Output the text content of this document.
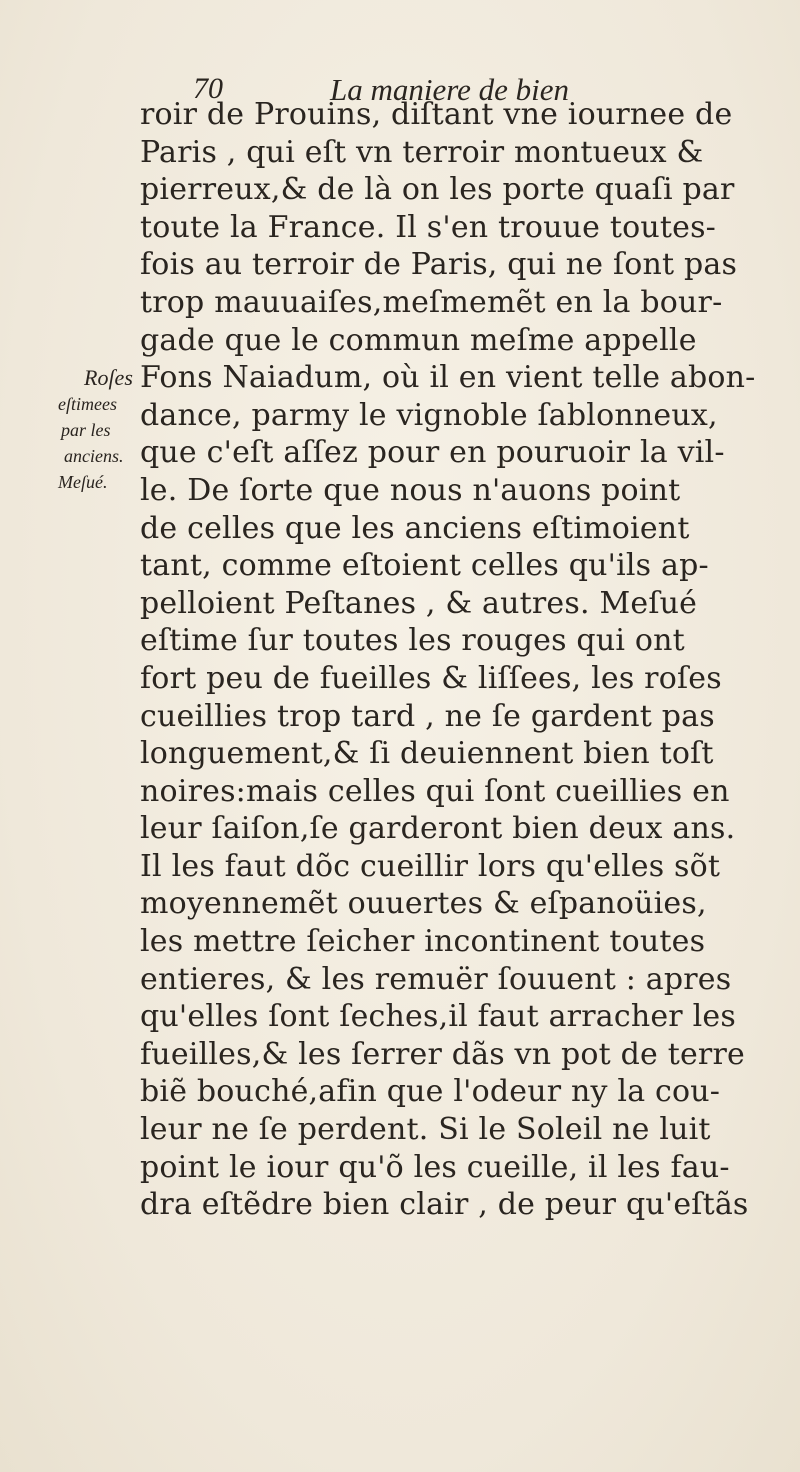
70	La maniere de bien
Roſes
eſtimees
par les
anciens.
Meſué.
roir de Prouins, diſtant vne iournee de
Paris , qui eſt vn terroir montueux &
pierreux,& de là on les porte quaſi par
toute la France. Il s'en trouue toutes-
fois au terroir de Paris, qui ne ſont pas
trop mauuaiſes,meſmemẽt en la bour-
gade que le commun meſme appelle
Fons Naiadum, où il en vient telle abon-
dance, parmy le vignoble ſablonneux,
que c'eſt aſſez pour en pouruoir la vil-
le. De ſorte que nous n'auons point
de celles que les anciens eſtimoient
tant, comme eſtoient celles qu'ils ap-
pelloient Peſtanes , & autres. Meſué
eſtime ſur toutes les rouges qui ont
fort peu de fueilles & liſſees, les roſes
cueillies trop tard , ne ſe gardent pas
longuement,& ſi deuiennent bien toſt
noires:mais celles qui ſont cueillies en
leur ſaiſon,ſe garderont bien deux ans.
Il les faut dõc cueillir lors qu'elles sõt
moyennemẽt ouuertes & eſpanoüies,
les mettre ſeicher incontinent toutes
entieres, & les remuër ſouuent : apres
qu'elles ſont ſeches,il faut arracher les
fueilles,& les ſerrer dãs vn pot de terre
biẽ bouché,afin que l'odeur ny la cou-
leur ne ſe perdent. Si le Soleil ne luit
point le iour qu'õ les cueille, il les fau-
dra eſtẽdre bien clair , de peur qu'eſtãs
